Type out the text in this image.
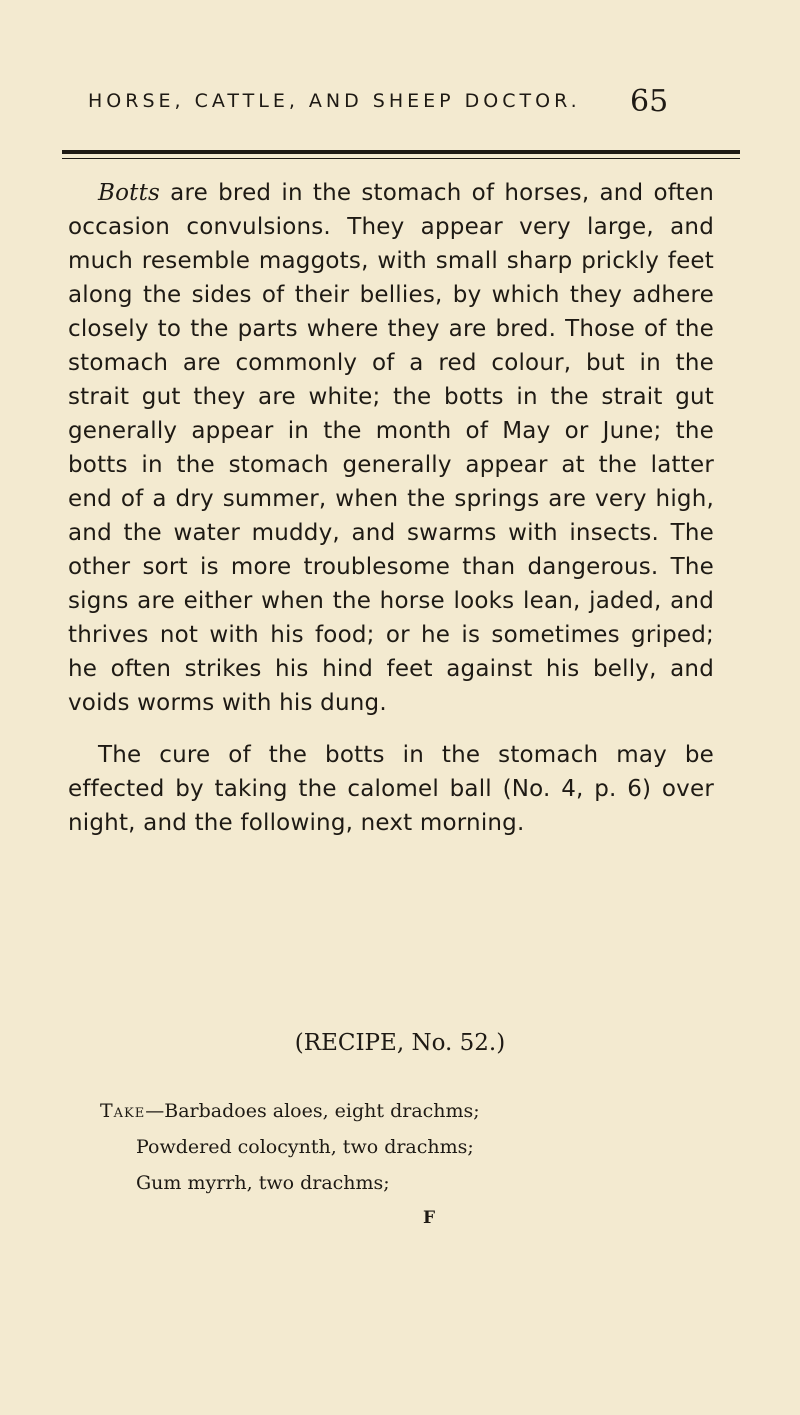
HORSE, CATTLE, AND SHEEP DOCTOR. 65

Botts are bred in the stomach of horses, and often occasion convulsions. They appear very large, and much resemble maggots, with small sharp prickly feet along the sides of their bellies, by which they adhere closely to the parts where they are bred. Those of the stomach are commonly of a red colour, but in the strait gut they are white; the botts in the strait gut generally appear in the month of May or June; the botts in the stomach generally appear at the latter end of a dry summer, when the springs are very high, and the water muddy, and swarms with insects. The other sort is more troublesome than dangerous. The signs are either when the horse looks lean, jaded, and thrives not with his food; or he is sometimes griped; he often strikes his hind feet against his belly, and voids worms with his dung.

The cure of the botts in the stomach may be effected by taking the calomel ball (No. 4, p. 6) over night, and the following, next morning.

(RECIPE, No. 52.)
Take—Barbadoes aloes, eight drachms;
Powdered colocynth, two drachms;
Gum myrrh, two drachms;
F
